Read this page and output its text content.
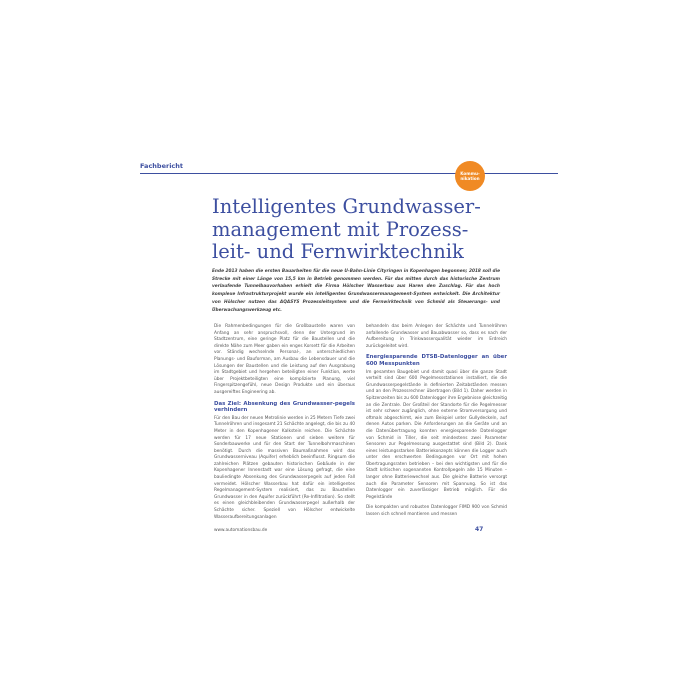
Fachbericht
Kommu-
nikation
Intelligentes Grundwasser-management mit Prozess-leit- und Fernwirktechnik

Ende 2013 haben die ersten Bauarbeiten für die neue U-Bahn-Linie Cityringen in Kopenhagen begonnen; 2018 soll die Strecke mit einer Länge von 15,5 km in Betrieb genommen werden. Für das mitten durch das historische Zentrum verlaufende Tunnelbauvorhaben erhielt die Firma Hölscher Wasserbau aus Haren den Zuschlag. Für das hoch komplexe Infrastrukturprojekt wurde ein intelligentes Grundwassermanagement-System entwickelt. Die Architektur von Hölscher nutzen das AQASYS Prozessleitsystem und die Fernwirktechnik von Schmid als Steuerungs- und Überwachungswerkzeug etc.

Die Rahmenbedingungen für die Großbaustelle waren von Anfang an sehr anspruchsvoll, denn der Untergrund im Stadtzentrum, eine geringe Platz für die Baustellen und die direkte Nähe zum Meer gaben ein enges Korsett für die Arbeiten vor. Ständig wechselnde Personal-, an unterschiedlichen Planungs- und Bauforman, am Ausbau die Lebensdauer und die Lösungen der Baustellen und die Leistung auf den Ausgrabung im Stadtgebiet und hergehen beteiligten einer Funktion, werte über Projektbeteiligten eine komplizierte Planung, viel Fingerspitzengefühl, neue Design Produkte und ein überaus ausgereiftes Engineering ab.

Das Ziel: Absenkung des Grundwasser-pegels verhindern

Für den Bau der neuen Metrolinie werden in 25 Metern Tiefe zwei Tunnelröhren und insgesamt 21 Schächte angelegt, die bis zu 40 Meter in den Kopenhagener Kalkstein reichen. Die Schächte werden für 17 neue Stationen und sieben weitere für Sonderbauwerke und für den Start der Tunnelbohrmaschinen benötigt. Durch die massiven Baumaßnahmen wird das Grundwasserniveau (Aquifer) erheblich beeinflusst. Ringsum die zahlreichen Plätzen gebauten historischen Gebäude in der Kopenhagener Innenstadt war eine Lösung gefragt, die eine bauliedingte Absenkung des Grundwasserpegels auf jeden Fall vermeidet. Hölscher Wasserbau hat dafür ein intelligentes Regelmanagement-System realisiert, das zu Baustellen Grundwasser in den Aquifer zurückführt (Re-Infiltration). So stellt es einen gleichbleibenden Grundwasserpegel außerhalb der Schächte sicher. Speziell von Hölscher entwickelte Wasseraufbereitungsanlagen

behandeln das beim Anlegen der Schächte und Tunnelröhren anfallende Grundwasser und Bauabwasser so, dass es nach der Aufbereitung in Trinkwasserqualität wieder im Erdreich zurückgeleitet wird.

Energiesparende DTSB-Datenlogger an über 600 Messpunkten

Im gesamten Baugebiet und damit quasi über die ganze Stadt verteilt sind über 600 Pegelmessstationen installiert, die die Grundwasserpegelstände in definierten Zeitabständen messen und an den Prozessrechner übertragen (Bild 1). Daher werden in Spitzenzeiten bis zu 600 Datenlogger ihre Ergebnisse gleichzeitig an die Zentrale. Der Großteil der Standorte für die Pegelmesser ist sehr schwer zugänglich, ohne externe Stromversorgung und oftmals abgeschirmt, wie zum Beispiel unter Gullydeckeln, auf denen Autos parken. Die Anforderungen an die Geräte und an die Datenübertragung konnten energiesparende Datenlogger von Schmid in Tiller, die seit mindestens zwei Parameter Sensoren zur Pegelmessung ausgestattet sind (Bild 2). Dank eines leistungsstarken Batteriekonzepts können die Logger auch unter den erschwerten Bedingungen vor Ort mit hohen Übertragungsraten betrieben – bei den wichtigsten und für die Stadt kritischen sogenannten Kontrollpegeln alle 15 Minuten – langer ohne Batteriewechsel aus. Die gleiche Batterie versorgt auch die Parameter Sensoren mit Spannung. So ist das Datenlogger ein zuverlässiger Betrieb möglich. Für die Pegelstände

Die kompakten und robusten Datenlogger FIMD 900 von Schmid lassen sich schnell montieren und messen

www.automationsbau.de	47
